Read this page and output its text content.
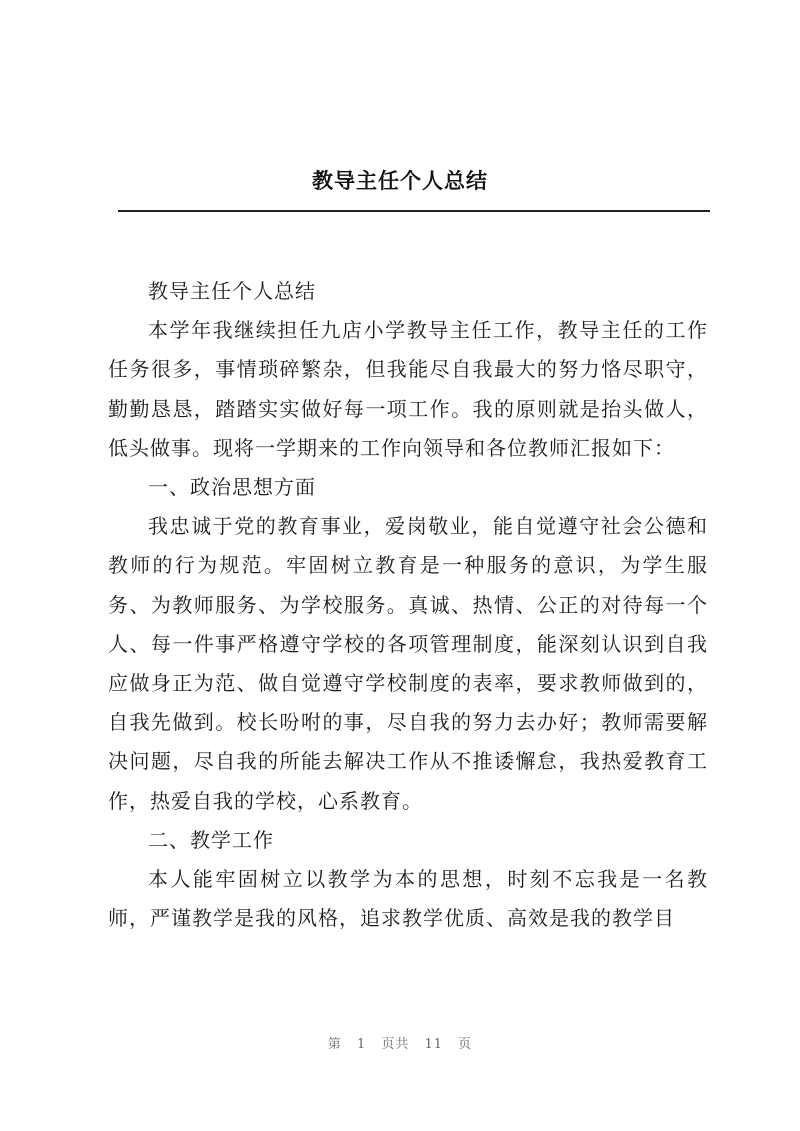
教导主任个人总结

教导主任个人总结

本学年我继续担任九店小学教导主任工作，教导主任的工作任务很多，事情琐碎繁杂，但我能尽自我最大的努力恪尽职守，勤勤恳恳，踏踏实实做好每一项工作。我的原则就是抬头做人，低头做事。现将一学期来的工作向领导和各位教师汇报如下：

一、政治思想方面

我忠诚于党的教育事业，爱岗敬业，能自觉遵守社会公德和教师的行为规范。牢固树立教育是一种服务的意识，为学生服务、为教师服务、为学校服务。真诚、热情、公正的对待每一个人、每一件事严格遵守学校的各项管理制度，能深刻认识到自我应做身正为范、做自觉遵守学校制度的表率，要求教师做到的，自我先做到。校长吩咐的事，尽自我的努力去办好；教师需要解决问题，尽自我的所能去解决工作从不推诿懈怠，我热爱教育工作，热爱自我的学校，心系教育。

二、教学工作

本人能牢固树立以教学为本的思想，时刻不忘我是一名教师，严谨教学是我的风格，追求教学优质、高效是我的教学目

第 1 页共 11 页
